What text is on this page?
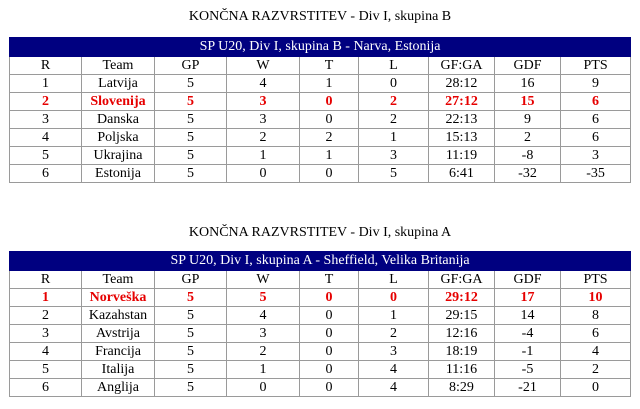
KONČNA RAZVRSTITEV - Div I, skupina B
SP U20, Div I, skupina B - Narva, Estonija								
R	Team	GP	W	T	L	GF:GA	GDF	PTS
1	Latvija	5	4	1	0	28:12	16	9
2	Slovenija	5	3	0	2	27:12	15	6
3	Danska	5	3	0	2	22:13	9	6
4	Poljska	5	2	2	1	15:13	2	6
5	Ukrajina	5	1	1	3	11:19	-8	3
6	Estonija	5	0	0	5	6:41	-32	-35
KONČNA RAZVRSTITEV - Div I, skupina A
SP U20, Div I, skupina A - Sheffield, Velika Britanija								
R	Team	GP	W	T	L	GF:GA	GDF	PTS
1	Norveška	5	5	0	0	29:12	17	10
2	Kazahstan	5	4	0	1	29:15	14	8
3	Avstrija	5	3	0	2	12:16	-4	6
4	Francija	5	2	0	3	18:19	-1	4
5	Italija	5	1	0	4	11:16	-5	2
6	Anglija	5	0	0	4	8:29	-21	0
